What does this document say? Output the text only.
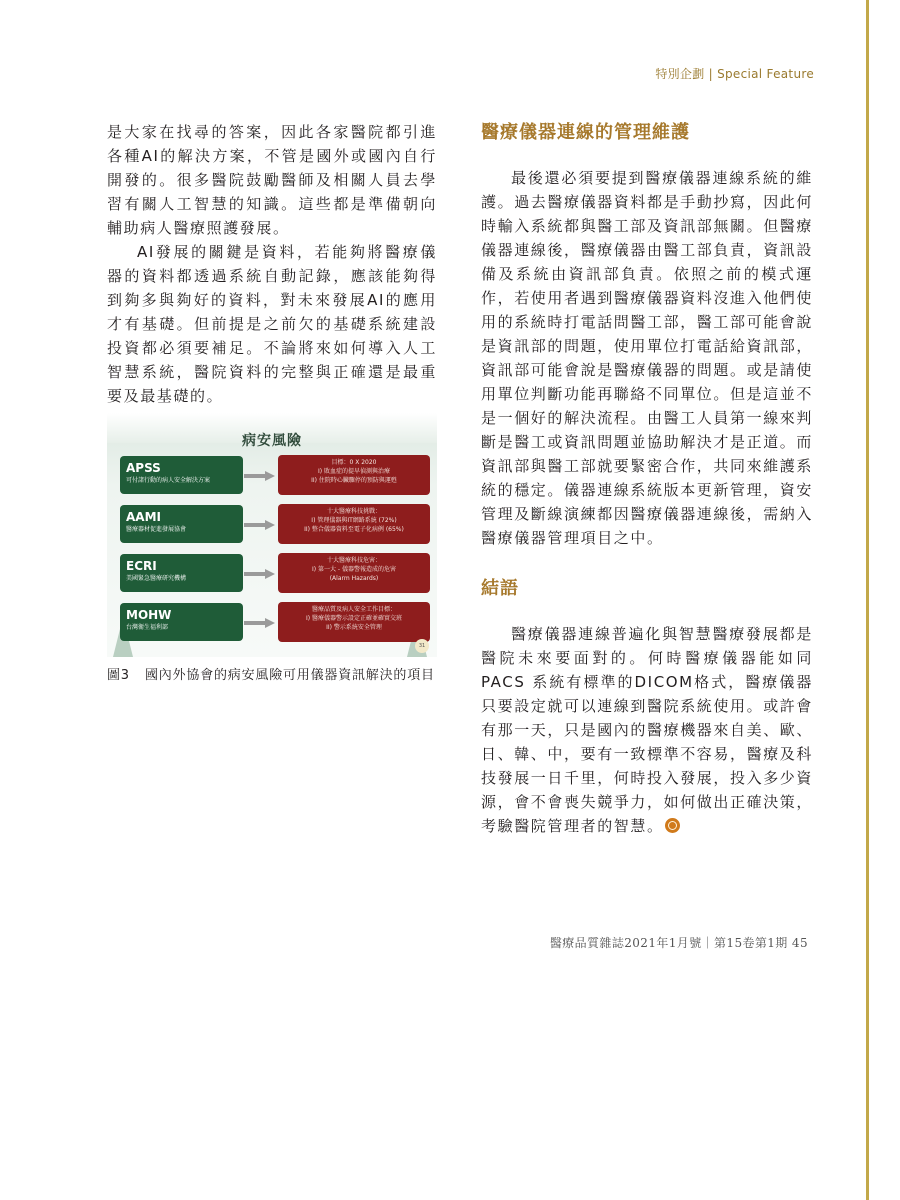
特別企劃 | Special Feature

是大家在找尋的答案，因此各家醫院都引進各種AI的解決方案，不管是國外或國內自行開發的。很多醫院鼓勵醫師及相關人員去學習有關人工智慧的知識。這些都是準備朝向輔助病人醫療照護發展。

AI發展的關鍵是資料，若能夠將醫療儀器的資料都透過系統自動記錄，應該能夠得到夠多與夠好的資料，對未來發展AI的應用才有基礎。但前提是之前欠的基礎系統建設投資都必須要補足。不論將來如何導入人工智慧系統，醫院資料的完整與正確還是最重要及最基礎的。

病安風險
APSS
可付諸行動的病人安全解決方案
目標：0 X 2020
I) 敗血症的提早偵測與治療
II) 住院時心臟驟停的預防與運甦
AAMI
醫療器材促進發展協會
十大醫療科技挑戰：
I) 管理儀器與IT網路系統 (72%)
II) 整合儀器資料至電子化病例 (65%)
ECRI
美國緊急醫療研究機構
十大醫療科技危害：
I) 第一大 - 儀器警報造成的危害
(Alarm Hazards)
MOHW
台灣衛生福利部
醫療品質及病人安全工作目標：
I) 醫療儀器警示設定正確並確實交班
II) 警示系統安全管理
31
圖3 國內外協會的病安風險可用儀器資訊解決的項目
醫療儀器連線的管理維護

最後還必須要提到醫療儀器連線系統的維護。過去醫療儀器資料都是手動抄寫，因此何時輸入系統都與醫工部及資訊部無關。但醫療儀器連線後，醫療儀器由醫工部負責，資訊設備及系統由資訊部負責。依照之前的模式運作，若使用者遇到醫療儀器資料沒進入他們使用的系統時打電話問醫工部，醫工部可能會說是資訊部的問題，使用單位打電話給資訊部，資訊部可能會說是醫療儀器的問題。或是請使用單位判斷功能再聯絡不同單位。但是這並不是一個好的解決流程。由醫工人員第一線來判斷是醫工或資訊問題並協助解決才是正道。而資訊部與醫工部就要緊密合作，共同來維護系統的穩定。儀器連線系統版本更新管理，資安管理及斷線演練都因醫療儀器連線後，需納入醫療儀器管理項目之中。

結語

醫療儀器連線普遍化與智慧醫療發展都是醫院未來要面對的。何時醫療儀器能如同PACS 系統有標準的DICOM格式，醫療儀器只要設定就可以連線到醫院系統使用。或許會有那一天，只是國內的醫療機器來自美、歐、日、韓、中，要有一致標準不容易，醫療及科技發展一日千里，何時投入發展，投入多少資源，會不會喪失競爭力，如何做出正確決策，考驗醫院管理者的智慧。

醫療品質雜誌2021年1月號｜第15卷第1期 45
